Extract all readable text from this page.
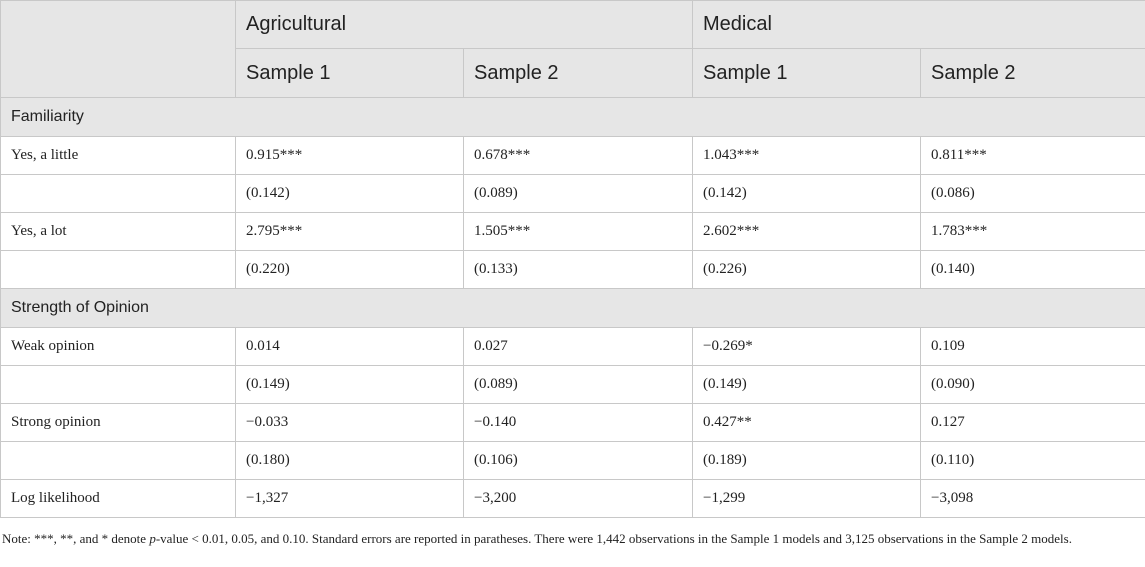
	Agricultural		Medical	
	Sample 1	Sample 2	Sample 1	Sample 2
Familiarity				
Yes, a little	0.915***	0.678***	1.043***	0.811***
	(0.142)	(0.089)	(0.142)	(0.086)
Yes, a lot	2.795***	1.505***	2.602***	1.783***
	(0.220)	(0.133)	(0.226)	(0.140)
Strength of Opinion				
Weak opinion	0.014	0.027	−0.269*	0.109
	(0.149)	(0.089)	(0.149)	(0.090)
Strong opinion	−0.033	−0.140	0.427**	0.127
	(0.180)	(0.106)	(0.189)	(0.110)
Log likelihood	−1,327	−3,200	−1,299	−3,098
Note: ***, **, and * denote p-value < 0.01, 0.05, and 0.10. Standard errors are reported in paratheses. There were 1,442 observations in the Sample 1 models and 3,125 observations in the Sample 2 models.
